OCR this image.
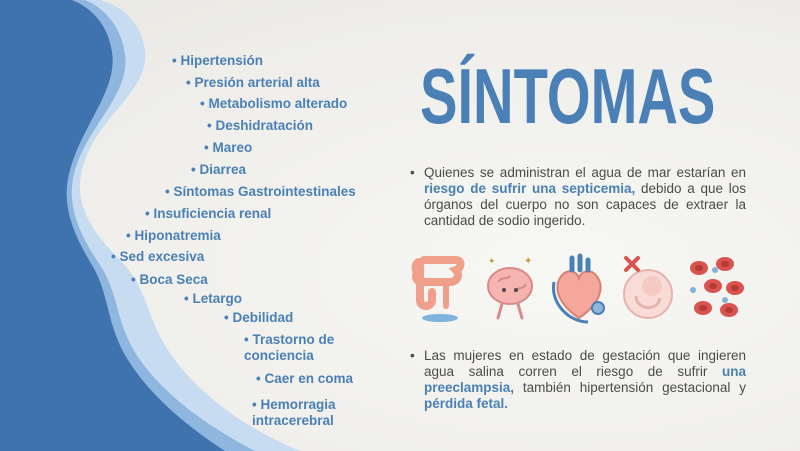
• Hipertensión

• Presión arterial alta

• Metabolismo alterado

• Deshidratación

• Mareo

• Diarrea

• Síntomas Gastrointestinales

• Insuficiencia renal

• Hiponatremia

• Sed excesiva

• Boca Seca

• Letargo

• Debilidad

• Trastorno de conciencia

• Caer en coma

• Hemorragia intracerebral

SÍNTOMAS

• Quienes se administran el agua de mar estarían en riesgo de sufrir una septicemia, debido a que los órganos del cuerpo no son capaces de extraer la cantidad de sodio ingerido.

✦
✦

• Las mujeres en estado de gestación que ingieren agua salina corren el riesgo de sufrir una preeclampsia, también hipertensión gestacional y pérdida fetal.
